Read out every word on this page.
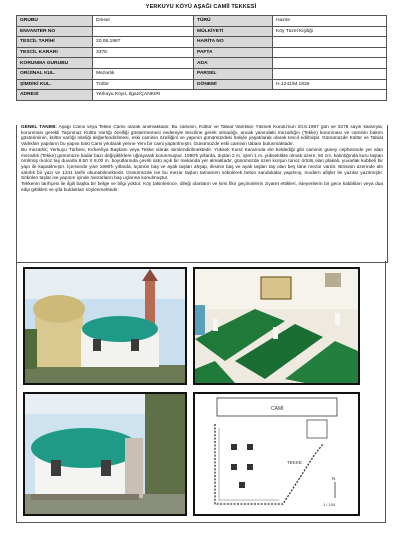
YERKUYU KÖYÜ AŞAĞI CAMİİ TEKKESİ
GRUBU	Dinsel	TÜRÜ	Hazire
ENVANTER NO		MÜLKİYETİ	Köy Tüzel Kişiliği
TESCİL TARİHİ	20.06.1987	HARİTA NO	
TESCİL KARARI	3378	PAFTA	
KORUNMA GURUBU		ADA	
ORİJİNAL KUL.	Mezarlık	PARSEL	
ŞİMDİKİ KUL.	Türbe	DÖNEMİ	H.1241/M.1826
ADRESİ	Yerkuyu Köyü, Ilgaz/ÇANKIRI		

GENEL TANIMI: Aşağı Camii veya Tekke Camii olarak anılmaktadır. Bu caminin, Kültür ve Tabiat Varlıkları Yüksek Kurulu'nun 20.6.1987 gün ve 3378 sayılı kararıyla; korunması gerekli Taşınmaz Kültür Varlığı özelliği göstermemesi nedeniyle tesciline gerek olmadığı, ancak yanındaki mezarlığın (Tekke) korunması ve caminin bakım gösteriminin, kültür varlığı niteliği değerlendirilmesi, eski caminin özelliğini ve yapının günümüzdeki haliyle yaşatılarak olarak tescil edilmiştir. Günümüzde Kültür ve Tabiat Varlıkları yapıların bu yapısı Eski Cami yıkılarak yerine Yeni bir cami yaptırılmıştır. Günümüzde eski caminin tabanı bulunmaktadır.

Bu mezarlık; Yerkuyu Türbesi, Kırkevliya Başkanı veya Tekke olarak isimlendirilmektedir. Yüksek Kurul Kararında ele beldediği gibi caminin güney cephesinde yer alan mezarlık (Tekke) günümüze kadar bazı değişikliklere uğrayarak korunmuştur. 1990'lı yıllarda, dıştan 2 m. içten 1 m. yükseklikte olmak üzere, 50 cm. kalınlığında kuru taştan örülmüş moloz taş duvarla 8,50 X 8,00 m. boyutlarında çevrili üstü açık bir mekanda yer almaktadır, günümüzde üzeri kurşun tonoz örtülü olan plakalı, yuvarlak kubbeli bir yapı ile kapatılmıştır. İçerisinde yine 1990'lı yıllarda, üçünün baş ve ayak taşları ahşap, ikisinin baş ve ayak taşları taş olan beş tane mezar vardır. Birisinin üzerinde altı satırlık bir yazı ve 1241 tarihi okunabilmektedir. Günümüzde ise bu mezar taşları tamamen sökülerek beton sandukalar yapılmış, modern afişler ile yazılar yazılmıştır. Sökülen taşlar ise yapının içinde mezarların baş uçlarına konulmuştur.

Tekkenin tarihçesi ile ilgili başka bir belge ve bilgi yoktur. Köy takinlerince, dileği olanların ve kimi fikir geçiminlerin ziyaret ettikleri, isteyenlerin bir gece kaldıkları veya dua edip gittikleri ve şifa buldukları söylenmektedir.

CAMİ
TEKKE
N
1 / 100
